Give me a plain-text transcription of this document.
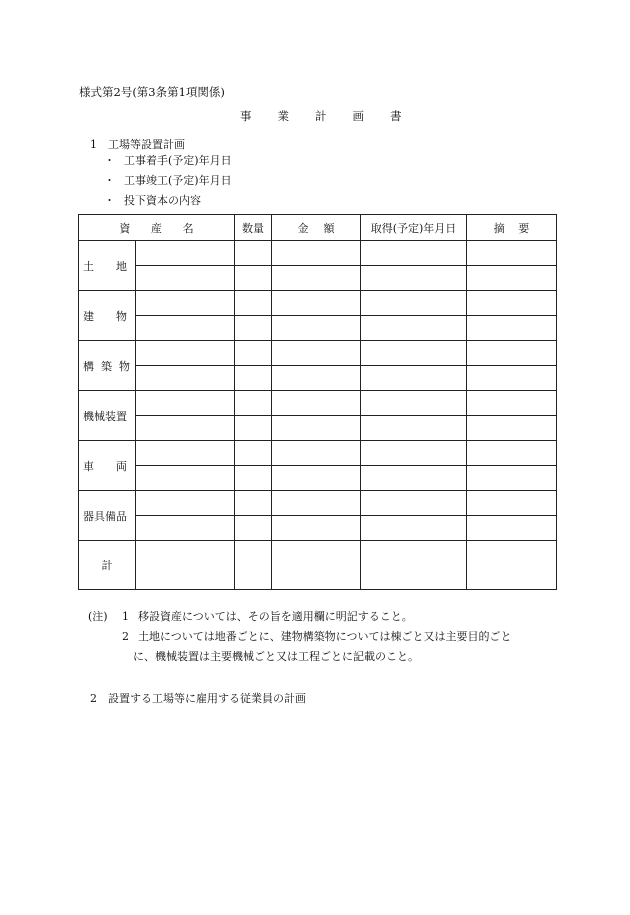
様式第2号(第3条第1項関係)
事業計画書
1 工場等設置計画
・ 工事着手(予定)年月日
・ 工事竣工(予定)年月日
・ 投下資本の内容
資 産 名		数量	金 額	取得(予定)年月日	摘 要

土 地					

建 物					

構 築 物					

機械装置					

車 両					

器具備品					

計					
(注) 1 移設資産については、その旨を適用欄に明記すること。
2 土地については地番ごとに、建物構築物については棟ごと又は主要目的ごと
に、機械装置は主要機械ごと又は工程ごとに記載のこと。
2 設置する工場等に雇用する従業員の計画
